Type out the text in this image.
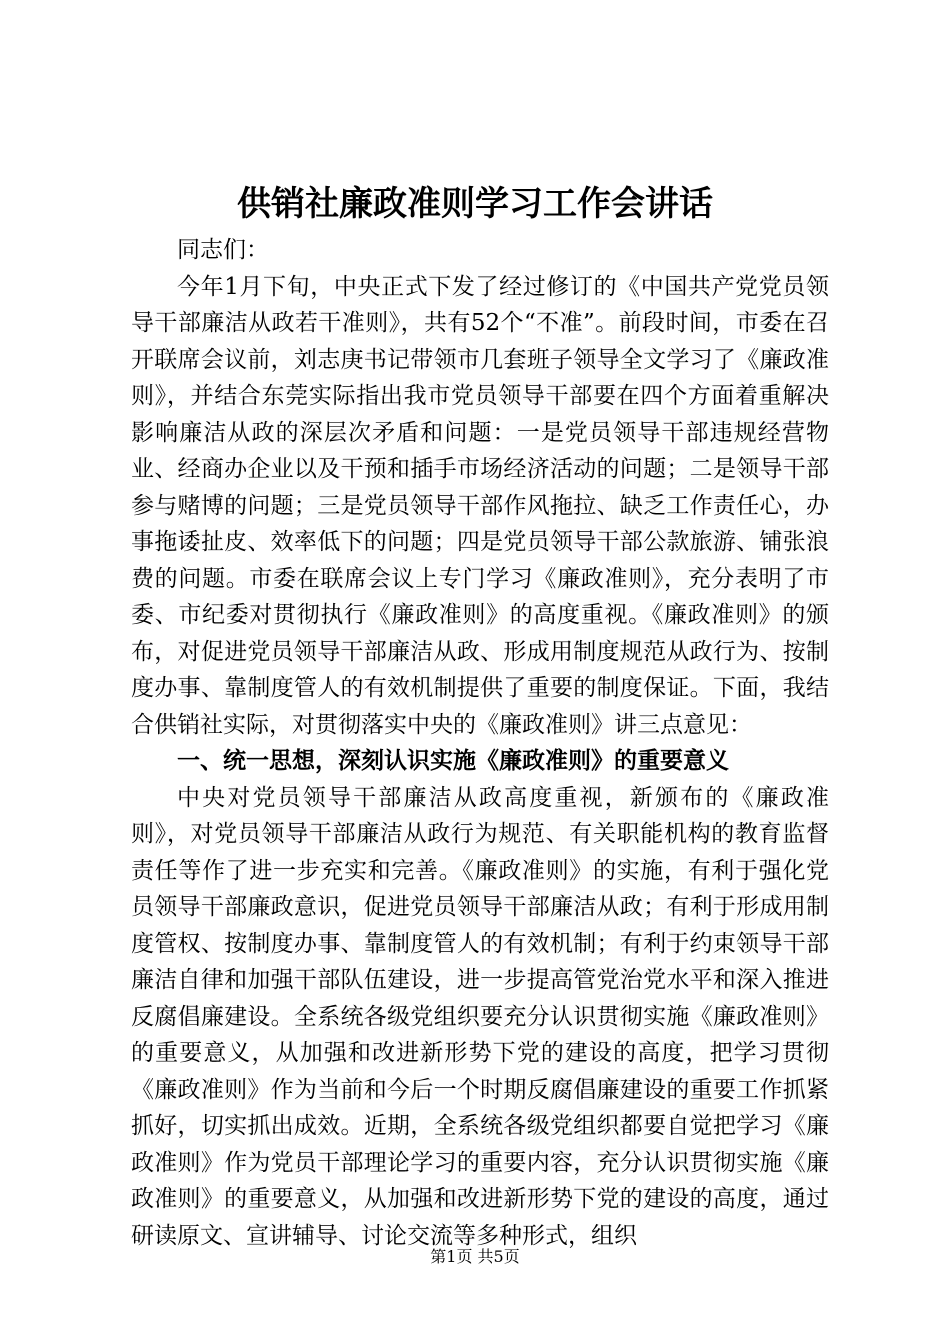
供销社廉政准则学习工作会讲话

同志们：

今年1月下旬，中央正式下发了经过修订的《中国共产党党员领导干部廉洁从政若干准则》，共有52个“不准”。前段时间，市委在召开联席会议前，刘志庚书记带领市几套班子领导全文学习了《廉政准则》，并结合东莞实际指出我市党员领导干部要在四个方面着重解决影响廉洁从政的深层次矛盾和问题：一是党员领导干部违规经营物业、经商办企业以及干预和插手市场经济活动的问题；二是领导干部参与赌博的问题；三是党员领导干部作风拖拉、缺乏工作责任心，办事拖诿扯皮、效率低下的问题；四是党员领导干部公款旅游、铺张浪费的问题。市委在联席会议上专门学习《廉政准则》，充分表明了市委、市纪委对贯彻执行《廉政准则》的高度重视。《廉政准则》的颁布，对促进党员领导干部廉洁从政、形成用制度规范从政行为、按制度办事、靠制度管人的有效机制提供了重要的制度保证。下面，我结合供销社实际，对贯彻落实中央的《廉政准则》讲三点意见：

一、统一思想，深刻认识实施《廉政准则》的重要意义

中央对党员领导干部廉洁从政高度重视，新颁布的《廉政准则》，对党员领导干部廉洁从政行为规范、有关职能机构的教育监督责任等作了进一步充实和完善。《廉政准则》的实施，有利于强化党员领导干部廉政意识，促进党员领导干部廉洁从政；有利于形成用制度管权、按制度办事、靠制度管人的有效机制；有利于约束领导干部廉洁自律和加强干部队伍建设，进一步提高管党治党水平和深入推进反腐倡廉建设。全系统各级党组织要充分认识贯彻实施《廉政准则》的重要意义，从加强和改进新形势下党的建设的高度，把学习贯彻《廉政准则》作为当前和今后一个时期反腐倡廉建设的重要工作抓紧抓好，切实抓出成效。近期，全系统各级党组织都要自觉把学习《廉政准则》作为党员干部理论学习的重要内容，充分认识贯彻实施《廉政准则》的重要意义，从加强和改进新形势下党的建设的高度，通过研读原文、宣讲辅导、讨论交流等多种形式，组织

第1页 共5页
